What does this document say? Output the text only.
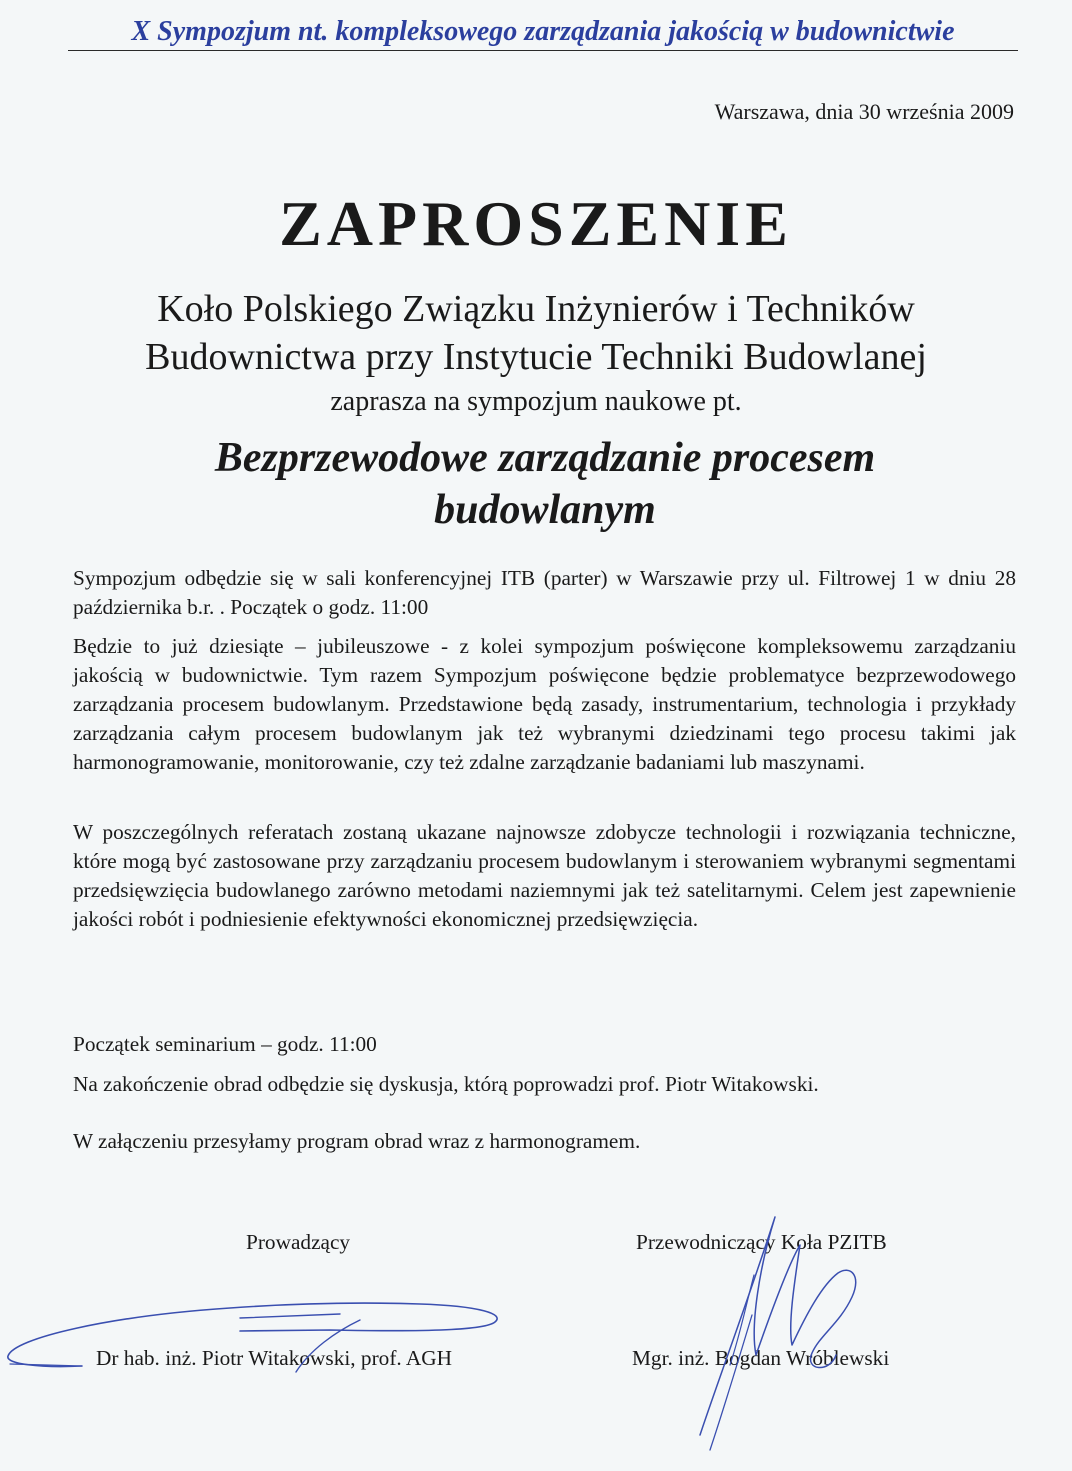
X Sympozjum nt. kompleksowego zarządzania jakością w budownictwie
Warszawa, dnia 30 września 2009
ZAPROSZENIE
Koło Polskiego Związku Inżynierów i Techników
Budownictwa przy Instytucie Techniki Budowlanej
zaprasza na sympozjum naukowe pt.
Bezprzewodowe zarządzanie procesem
budowlanym

Sympozjum odbędzie się w sali konferencyjnej ITB (parter) w Warszawie przy ul. Filtrowej 1 w dniu 28 października b.r. . Początek o godz. 11:00

Będzie to już dziesiąte – jubileuszowe - z kolei sympozjum poświęcone kompleksowemu zarządzaniu jakością w budownictwie. Tym razem Sympozjum poświęcone będzie problematyce bezprzewodowego zarządzania procesem budowlanym. Przedstawione będą zasady, instrumentarium, technologia i przykłady zarządzania całym procesem budowlanym jak też wybranymi dziedzinami tego procesu takimi jak harmonogramowanie, monitorowanie, czy też zdalne zarządzanie badaniami lub maszynami.

W poszczególnych referatach zostaną ukazane najnowsze zdobycze technologii i rozwiązania techniczne, które mogą być zastosowane przy zarządzaniu procesem budowlanym i sterowaniem wybranymi segmentami przedsięwzięcia budowlanego zarówno metodami naziemnymi jak też satelitarnymi. Celem jest zapewnienie jakości robót i podniesienie efektywności ekonomicznej przedsięwzięcia.

Początek seminarium – godz. 11:00
Na zakończenie obrad odbędzie się dyskusja, którą poprowadzi prof. Piotr Witakowski.
W załączeniu przesyłamy program obrad wraz z harmonogramem.
Prowadzący	Przewodniczący Koła PZITB
Dr hab. inż. Piotr Witakowski, prof. AGH	Mgr. inż. Bogdan Wróblewski
